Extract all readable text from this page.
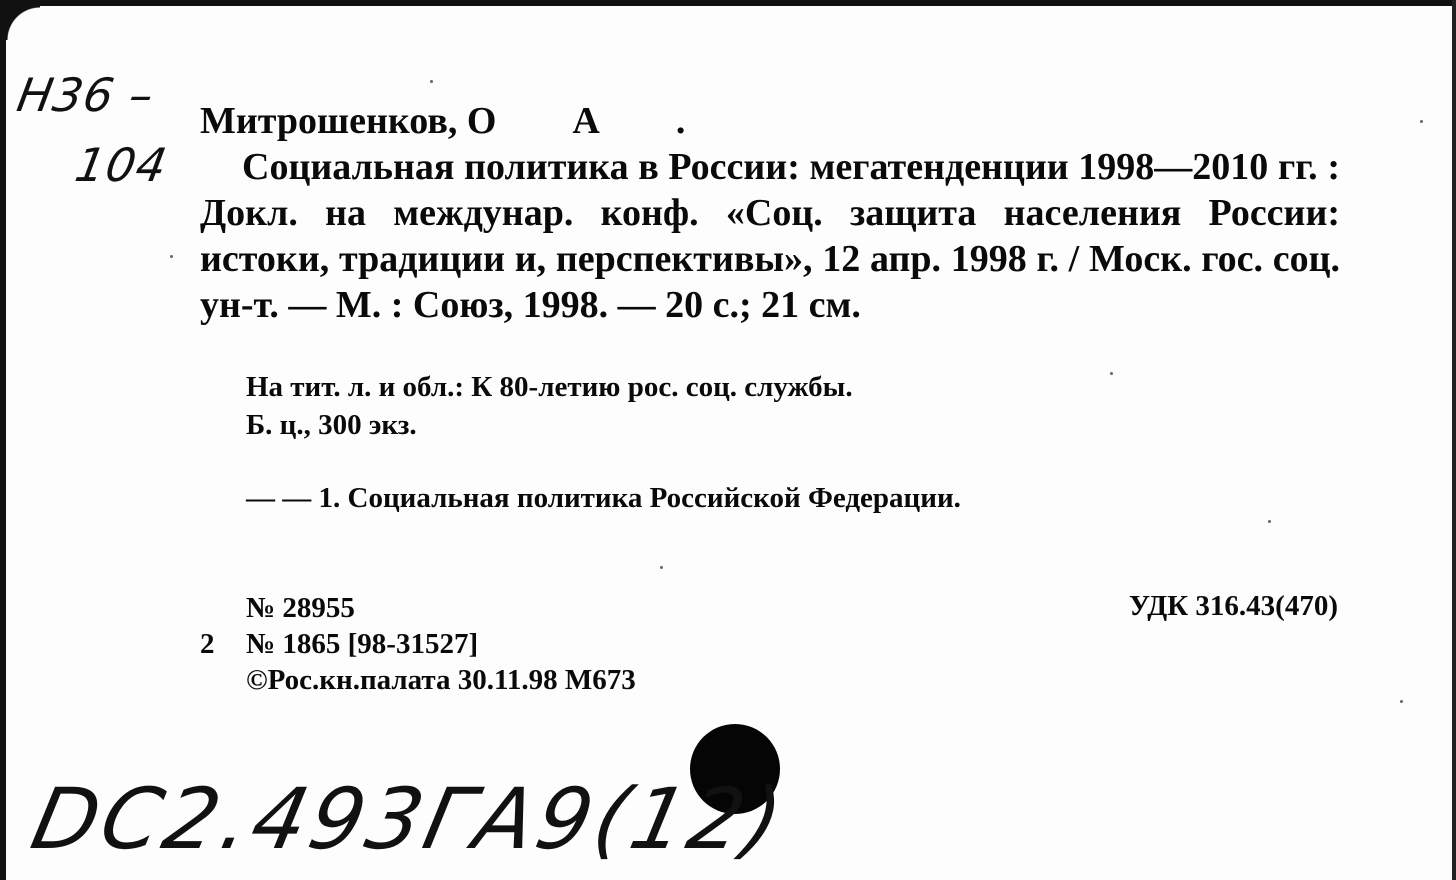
Н36 –
104
Митрошенков, О        А        .

Социальная политика в России: мегатенденции 1998—2010 гг. : Докл. на междунар. конф. «Соц. защита населения России: истоки, традиции и, перспективы», 12 апр. 1998 г. / Моск. гос. соц. ун-т. — М. : Союз, 1998. — 20 с.; 21 см.

На тит. л. и обл.: К 80-летию рос. соц. службы.
Б. ц., 300 экз.
— — 1. Социальная политика Российской Федерации.
№ 28955
2	№ 1865 [98-31527]
©Рос.кн.палата 30.11.98 М673
УДК 316.43(470)
DC2.493ГА9(12)
